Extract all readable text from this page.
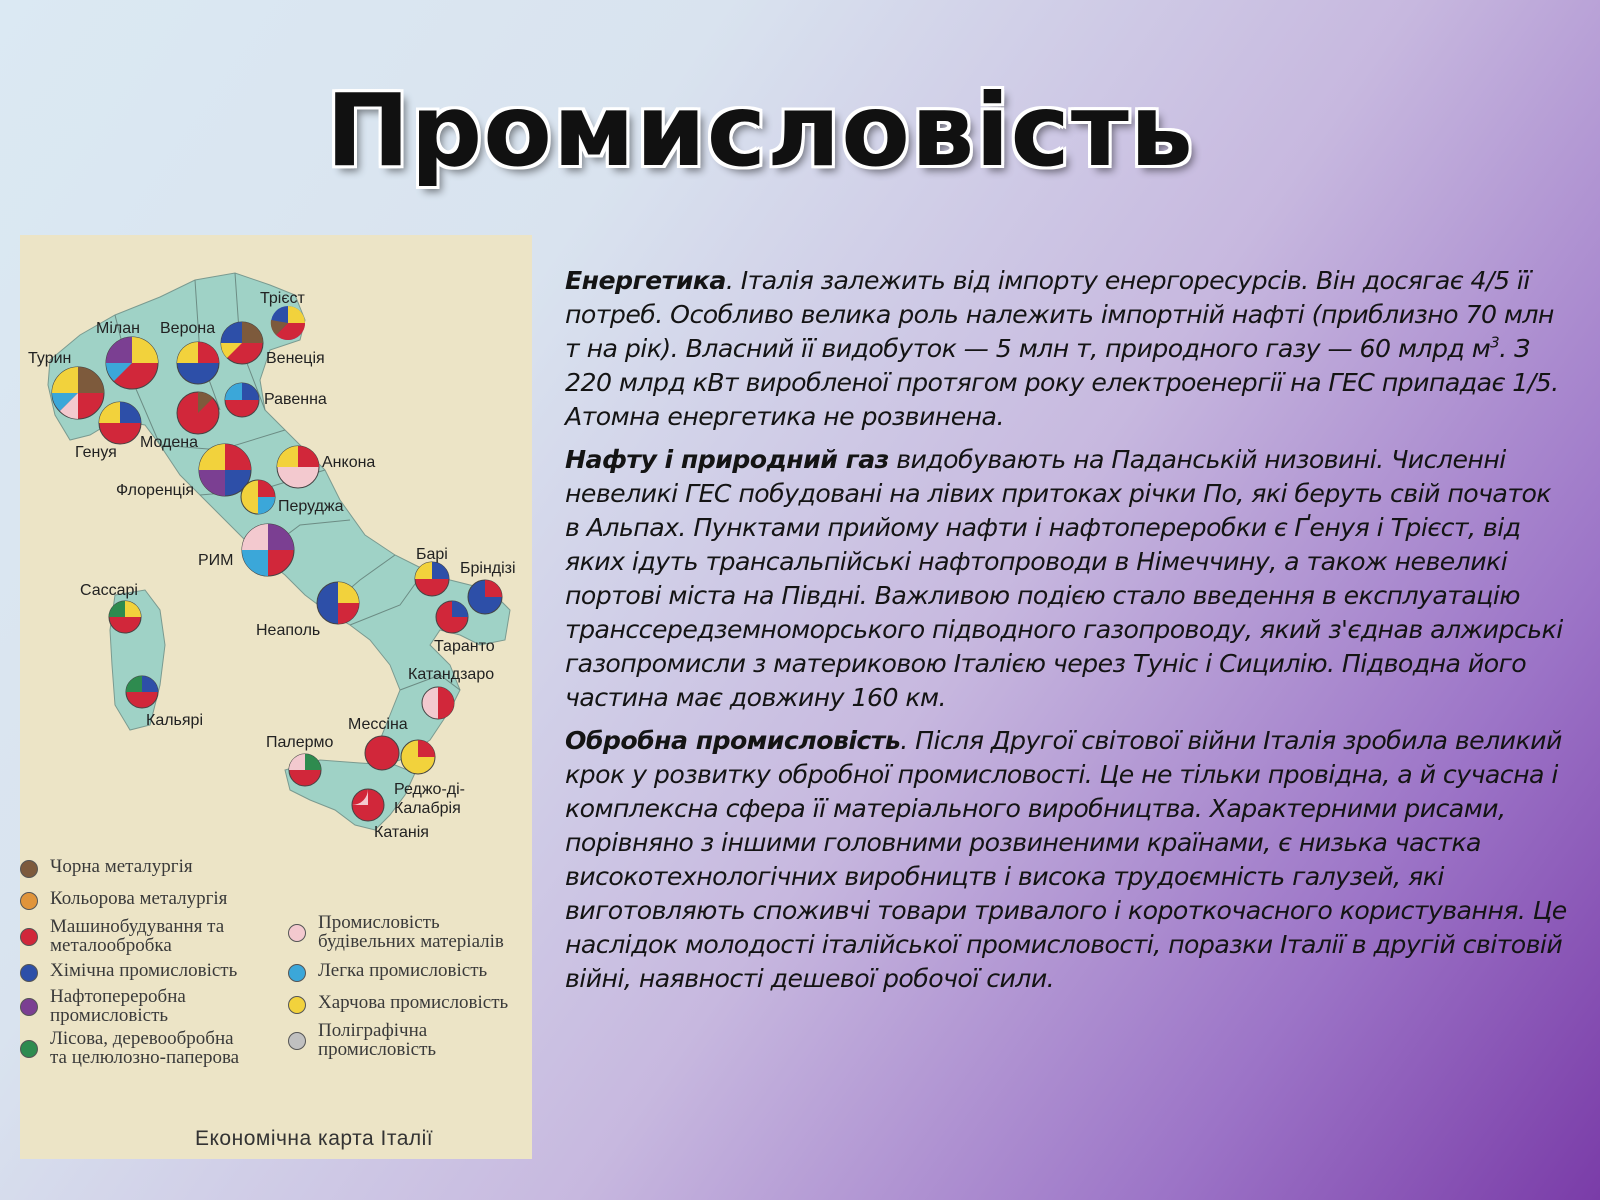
Промисловість
Трієст
Мілан Верона
Венеція
Турин
Равенна
Генуя
Модена
Анкона
Флоренція
Перуджа
РИМ	Барі
Бріндізі
Сассарі
Неаполь
Таранто
Катандзаро
Кальярі	Мессіна
Палермо
Реджо-ді-
Калабрія
Катанія
Чорна металургія
Кольорова металургія
Машинобудування та
металообробка
Хімічна промисловість
Нафтопереробна
промисловість
Лісова, деревообробна
та целюлозно-паперова
Промисловість
будівельних матеріалів
Легка промисловість
Харчова промисловість
Поліграфічна
промисловість
Економічна карта Італії

Енергетика. Італія залежить від імпорту енергоресурсів. Він досягає 4/5 її потреб. Особливо велика роль належить імпортній нафті (приблизно 70 млн т на рік). Власний її видобуток — 5 млн т, природного газу — 60 млрд $м^3$. З 220 млрд кВт виробленої протягом року електроенергії на ГЕС припадає 1/5. Атомна енергетика не розвинена.

Нафту і природний газ видобувають на Паданській низовині. Численні невеликі ГЕС побудовані на лівих притоках річки По, які беруть свій початок в Альпах. Пунктами прийому нафти і нафтопереробки є Ґенуя і Трієст, від яких ідуть трансальпійські нафтопроводи в Німеччину, а також невеликі портові міста на Півдні. Важливою подією стало введення в експлуатацію транссередземноморського підводного газопроводу, який з'єднав алжирські газопромисли з материковою Італією через Туніс і Сицилію. Підводна його частина має довжину 160 км.

Обробна промисловість. Після Другої світової війни Італія зробила великий крок у розвитку обробної промисловості. Це не тільки провідна, а й сучасна і комплексна сфера її матеріального виробництва. Характерними рисами, порівняно з іншими головними розвиненими країнами, є низька частка високотехнологічних виробництв і висока трудоємність галузей, які виготовляють споживчі товари тривалого і короткочасного користування. Це наслідок молодості італійської промисловості, поразки Італії в другій світовій війні, наявності дешевої робочої сили.
